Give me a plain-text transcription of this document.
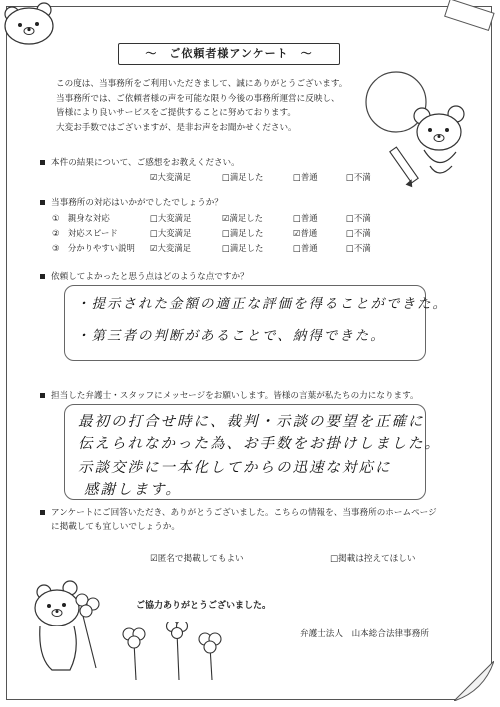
～　ご依頼者様アンケート　～
この度は、当事務所をご利用いただきまして、誠にありがとうございます。
当事務所では、ご依頼者様の声を可能な限り今後の事務所運営に反映し、
皆様により良いサービスをご提供することに努めております。
大変お手数ではございますが、是非お声をお聞かせください。
本件の結果について、ご感想をお教えください。
☑大変満足	□満足した	□普通	□不満
当事務所の対応はいかがでしたでしょうか？
①　親身な対応	□大変満足	☑満足した	□普通	□不満
②　対応スピード	□大変満足	□満足した	☑普通	□不満
③　分かりやすい説明 ☑大変満足	□満足した	□普通	□不満
依頼してよかったと思う点はどのような点ですか？
・提示された金額の適正な評価を得ることができた。
・第三者の判断があることで、納得できた。
担当した弁護士・スタッフにメッセージをお願いします。皆様の言葉が私たちの力になります。
最初の打合せ時に、裁判・示談の要望を正確に
伝えられなかった為、お手数をお掛けしました。
示談交渉に一本化してからの迅速な対応に
感謝します。
アンケートにご回答いただき、ありがとうございました。こちらの情報を、当事務所のホームページ
に掲載しても宜しいでしょうか。
☑匿名で掲載してもよい	□掲載は控えてほしい
ご協力ありがとうございました。
弁護士法人　山本総合法律事務所
